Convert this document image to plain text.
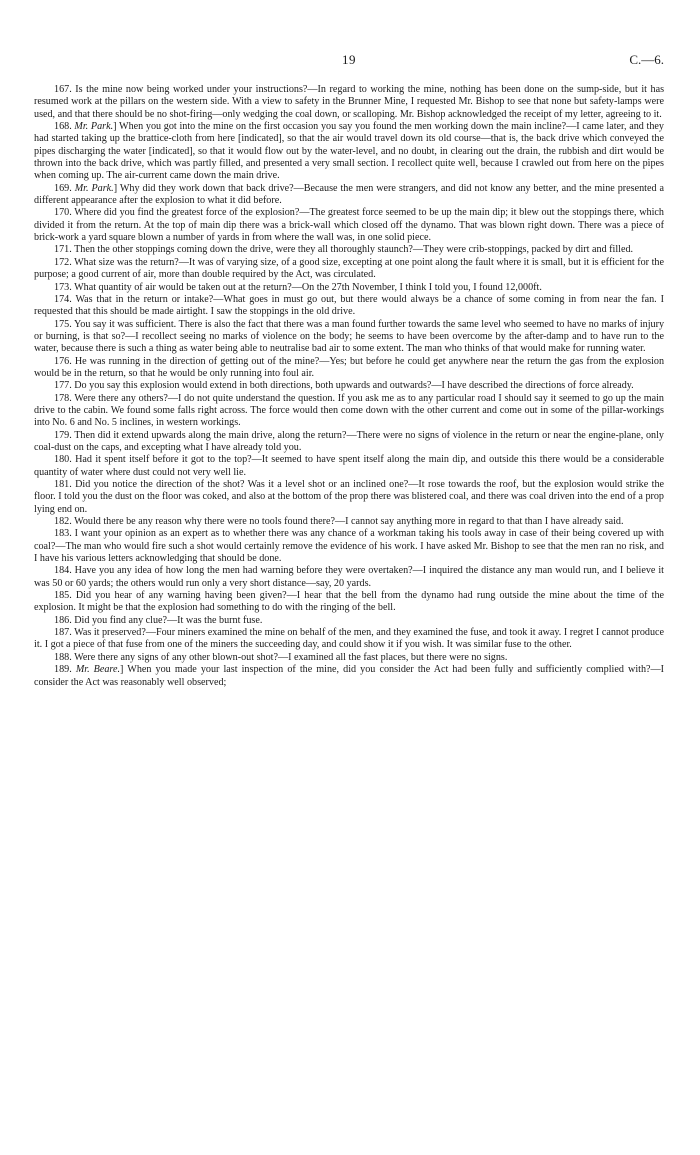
19	C.—6.

167. Is the mine now being worked under your instructions?—In regard to working the mine, nothing has been done on the sump-side, but it has resumed work at the pillars on the western side. With a view to safety in the Brunner Mine, I requested Mr. Bishop to see that none but safety-lamps were used, and that there should be no shot-firing—only wedging the coal down, or scalloping. Mr. Bishop acknowledged the receipt of my letter, agreeing to it.

168. Mr. Park.] When you got into the mine on the first occasion you say you found the men working down the main incline?—I came later, and they had started taking up the brattice-cloth from here [indicated], so that the air would travel down its old course—that is, the back drive which conveyed the pipes discharging the water [indicated], so that it would flow out by the water-level, and no doubt, in clearing out the drain, the rubbish and dirt would be thrown into the back drive, which was partly filled, and presented a very small section. I recollect quite well, because I crawled out from here on the pipes when coming up. The air-current came down the main drive.

169. Mr. Park.] Why did they work down that back drive?—Because the men were strangers, and did not know any better, and the mine presented a different appearance after the explosion to what it did before.

170. Where did you find the greatest force of the explosion?—The greatest force seemed to be up the main dip; it blew out the stoppings there, which divided it from the return. At the top of main dip there was a brick-wall which closed off the dynamo. That was blown right down. There was a piece of brick-work a yard square blown a number of yards in from where the wall was, in one solid piece.

171. Then the other stoppings coming down the drive, were they all thoroughly staunch?—They were crib-stoppings, packed by dirt and filled.

172. What size was the return?—It was of varying size, of a good size, excepting at one point along the fault where it is small, but it is efficient for the purpose; a good current of air, more than double required by the Act, was circulated.

173. What quantity of air would be taken out at the return?—On the 27th November, I think I told you, I found 12,000ft.

174. Was that in the return or intake?—What goes in must go out, but there would always be a chance of some coming in from near the fan. I requested that this should be made airtight. I saw the stoppings in the old drive.

175. You say it was sufficient. There is also the fact that there was a man found further towards the same level who seemed to have no marks of injury or burning, is that so?—I recollect seeing no marks of violence on the body; he seems to have been overcome by the after-damp and to have run to the water, because there is such a thing as water being able to neutralise bad air to some extent. The man who thinks of that would make for running water.

176. He was running in the direction of getting out of the mine?—Yes; but before he could get anywhere near the return the gas from the explosion would be in the return, so that he would be only running into foul air.

177. Do you say this explosion would extend in both directions, both upwards and outwards?—I have described the directions of force already.

178. Were there any others?—I do not quite understand the question. If you ask me as to any particular road I should say it seemed to go up the main drive to the cabin. We found some falls right across. The force would then come down with the other current and come out in some of the pillar-workings into No. 6 and No. 5 inclines, in western workings.

179. Then did it extend upwards along the main drive, along the return?—There were no signs of violence in the return or near the engine-plane, only coal-dust on the caps, and excepting what I have already told you.

180. Had it spent itself before it got to the top?—It seemed to have spent itself along the main dip, and outside this there would be a considerable quantity of water where dust could not very well lie.

181. Did you notice the direction of the shot? Was it a level shot or an inclined one?—It rose towards the roof, but the explosion would strike the floor. I told you the dust on the floor was coked, and also at the bottom of the prop there was blistered coal, and there was coal driven into the end of a prop lying end on.

182. Would there be any reason why there were no tools found there?—I cannot say anything more in regard to that than I have already said.

183. I want your opinion as an expert as to whether there was any chance of a workman taking his tools away in case of their being covered up with coal?—The man who would fire such a shot would certainly remove the evidence of his work. I have asked Mr. Bishop to see that the men ran no risk, and I have his various letters acknowledging that should be done.

184. Have you any idea of how long the men had warning before they were overtaken?—I inquired the distance any man would run, and I believe it was 50 or 60 yards; the others would run only a very short distance—say, 20 yards.

185. Did you hear of any warning having been given?—I hear that the bell from the dynamo had rung outside the mine about the time of the explosion. It might be that the explosion had something to do with the ringing of the bell.

186. Did you find any clue?—It was the burnt fuse.

187. Was it preserved?—Four miners examined the mine on behalf of the men, and they examined the fuse, and took it away. I regret I cannot produce it. I got a piece of that fuse from one of the miners the succeeding day, and could show it if you wish. It was similar fuse to the other.

188. Were there any signs of any other blown-out shot?—I examined all the fast places, but there were no signs.

189. Mr. Beare.] When you made your last inspection of the mine, did you consider the Act had been fully and sufficiently complied with?—I consider the Act was reasonably well observed;
